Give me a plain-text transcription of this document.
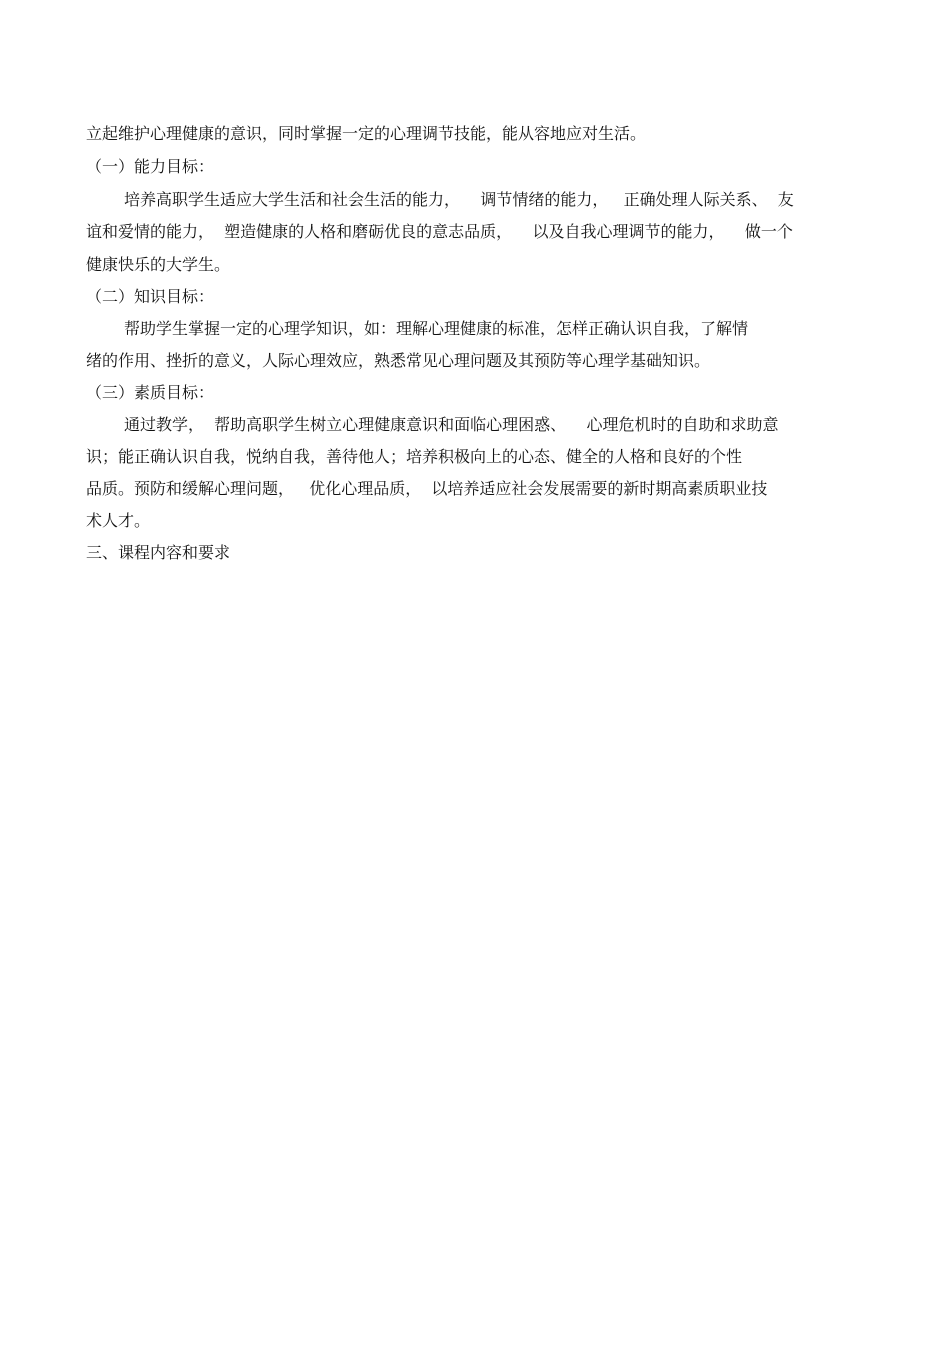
立起维护心理健康的意识，同时掌握一定的心理调节技能，能从容地应对生活。
（一）能力目标：
培养高职学生适应大学生活和社会生活的能力，    调节情绪的能力，   正确处理人际关系、  友
谊和爱情的能力，  塑造健康的人格和磨砺优良的意志品质，    以及自我心理调节的能力，    做一个
健康快乐的大学生。
（二）知识目标：
帮助学生掌握一定的心理学知识，如：理解心理健康的标准，怎样正确认识自我，了解情
绪的作用、挫折的意义，人际心理效应，熟悉常见心理问题及其预防等心理学基础知识。
（三）素质目标：
通过教学，  帮助高职学生树立心理健康意识和面临心理困惑、    心理危机时的自助和求助意
识；能正确认识自我，悦纳自我，善待他人；培养积极向上的心态、健全的人格和良好的个性
品质。预防和缓解心理问题，   优化心理品质，  以培养适应社会发展需要的新时期高素质职业技
术人才。
三、课程内容和要求
